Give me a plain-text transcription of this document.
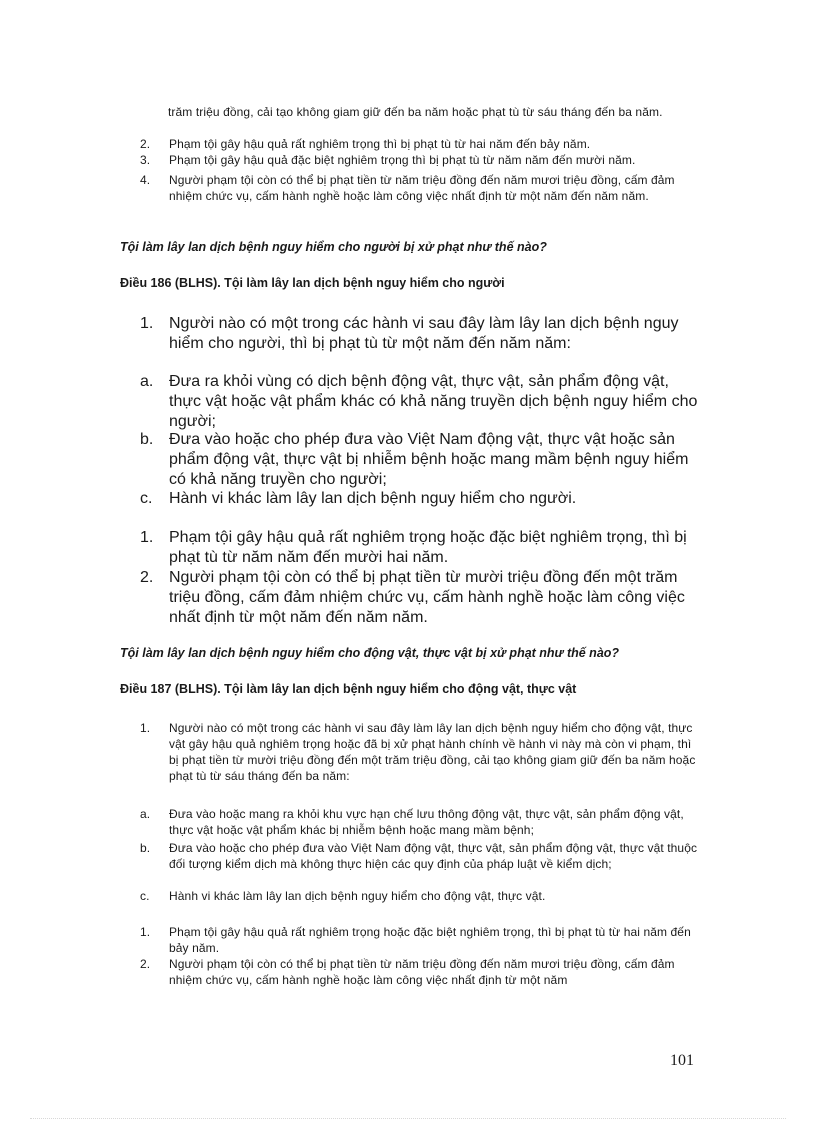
trăm triệu đồng, cải tạo không giam giữ đến ba năm hoặc phạt tù từ sáu tháng đến ba năm.
2.	Phạm tội gây hậu quả rất nghiêm trọng thì bị phạt tù từ hai năm đến bảy năm.
3.	Phạm tội gây hậu quả đặc biệt nghiêm trọng thì bị phạt tù từ năm năm đến mười năm.
4.	Người phạm tội còn có thể bị phạt tiền từ năm triệu đồng đến năm mươi triệu đồng, cấm đảm nhiệm chức vụ, cấm hành nghề hoặc làm công việc nhất định từ một năm đến năm năm.
Tội làm lây lan dịch bệnh nguy hiểm cho người bị xử phạt như thế nào?
Điều 186 (BLHS). Tội làm lây lan dịch bệnh nguy hiểm cho người
1. Người nào có một trong các hành vi sau đây làm lây lan dịch bệnh nguy hiểm cho người, thì bị phạt tù từ một năm đến năm năm:
a. Đưa ra khỏi vùng có dịch bệnh động vật, thực vật, sản phẩm động vật, thực vật hoặc vật phẩm khác có khả năng truyền dịch bệnh nguy hiểm cho người;
b. Đưa vào hoặc cho phép đưa vào Việt Nam động vật, thực vật hoặc sản phẩm động vật, thực vật bị nhiễm bệnh hoặc mang mầm bệnh nguy hiểm có khả năng truyền cho người;
c.	Hành vi khác làm lây lan dịch bệnh nguy hiểm cho người.
1. Phạm tội gây hậu quả rất nghiêm trọng hoặc đặc biệt nghiêm trọng, thì bị phạt tù từ năm năm đến mười hai năm.
2. Người phạm tội còn có thể bị phạt tiền từ mười triệu đồng đến một trăm triệu đồng, cấm đảm nhiệm chức vụ, cấm hành nghề hoặc làm công việc nhất định từ một năm đến năm năm.
Tội làm lây lan dịch bệnh nguy hiểm cho động vật, thực vật bị xử phạt như thế nào?
Điều 187 (BLHS). Tội làm lây lan dịch bệnh nguy hiểm cho động vật, thực vật
1.	Người nào có một trong các hành vi sau đây làm lây lan dịch bệnh nguy hiểm cho động vật, thực vật gây hậu quả nghiêm trọng hoặc đã bị xử phạt hành chính về hành vi này mà còn vi phạm, thì bị phạt tiền từ mười triệu đồng đến một trăm triệu đồng, cải tạo không giam giữ đến ba năm hoặc phạt tù từ sáu tháng đến ba năm:
a.	Đưa vào hoặc mang ra khỏi khu vực hạn chế lưu thông động vật, thực vật, sản phẩm động vật, thực vật hoặc vật phẩm khác bị nhiễm bệnh hoặc mang mầm bệnh;
b.	Đưa vào hoặc cho phép đưa vào Việt Nam động vật, thực vật, sản phẩm động vật, thực vật thuộc đối tượng kiểm dịch mà không thực hiện các quy định của pháp luật về kiểm dịch;
c.	Hành vi khác làm lây lan dịch bệnh nguy hiểm cho động vật, thực vật.
1.	Phạm tội gây hậu quả rất nghiêm trọng hoặc đặc biệt nghiêm trọng, thì bị phạt tù từ hai năm đến bảy năm.
2.	Người phạm tội còn có thể bị phạt tiền từ năm triệu đồng đến năm mươi triệu đồng, cấm đảm nhiệm chức vụ, cấm hành nghề hoặc làm công việc nhất định từ một năm
101
